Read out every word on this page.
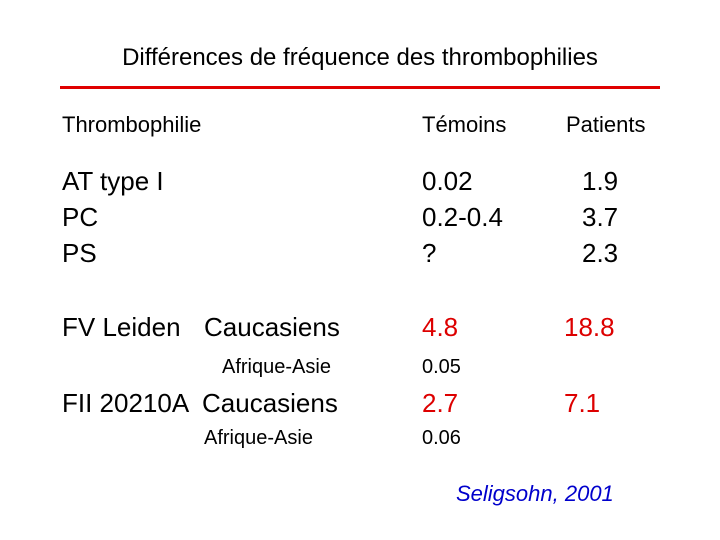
Différences de fréquence des thrombophilies
Thrombophilie	Témoins	Patients
AT type I	0.02	1.9
PC	0.2-0.4	3.7
PS	?	2.3
FV Leiden Caucasiens	4.8	18.8
Afrique-Asie	0.05
FII 20210A Caucasiens	2.7	7.1
Afrique-Asie	0.06
Seligsohn, 2001
